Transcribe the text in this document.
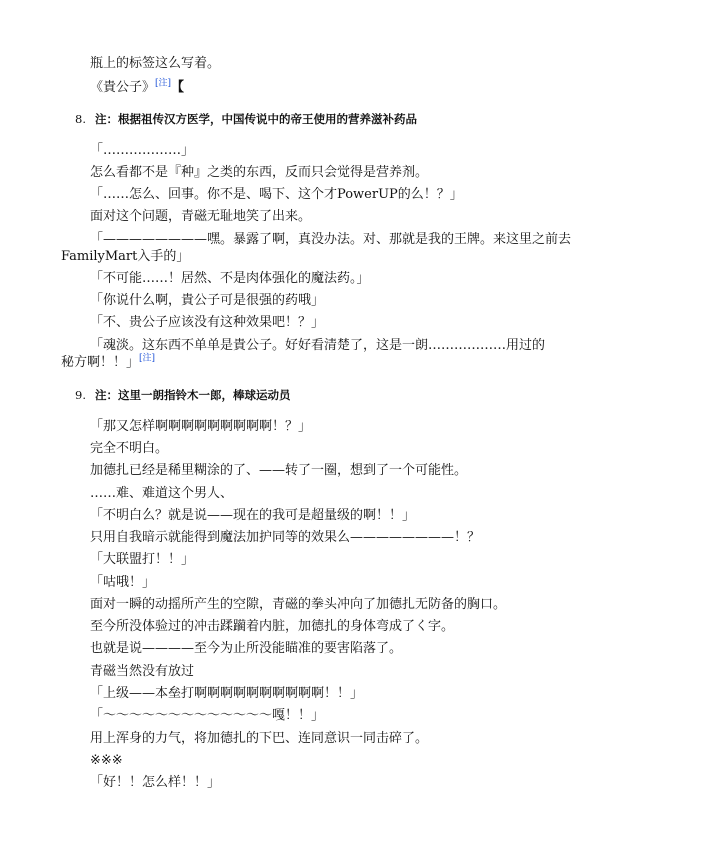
瓶上的标签这么写着。
《貴公子》[注]【
8. 注：根据祖传汉方医学，中国传说中的帝王使用的营养滋补药品
「………………」
怎么看都不是『种』之类的东西，反而只会觉得是营养剂。
「……怎么、回事。你不是、喝下、这个才PowerUP的么！？」
面对这个问题，青磁无耻地笑了出来。
「————————嘿。暴露了啊，真没办法。对、那就是我的王牌。来这里之前去
FamilyMart入手的」
「不可能……！居然、不是肉体强化的魔法药。」
「你说什么啊，貴公子可是很强的药哦」
「不、贵公子应该没有这种效果吧！？」
「魂淡。这东西不单单是貴公子。好好看清楚了，这是一朗………………用过的
秘方啊！！」[注]
9. 注：这里一朗指铃木一郎，棒球运动员
「那又怎样啊啊啊啊啊啊啊啊啊！？」
完全不明白。
加德扎已经是稀里糊涂的了、——转了一圈，想到了一个可能性。
……难、难道这个男人、
「不明白么？就是说——现在的我可是超量级的啊！！」
只用自我暗示就能得到魔法加护同等的效果么————————！？
「大联盟打！！」
「咕哦！」
面对一瞬的动摇所产生的空隙，青磁的拳头冲向了加德扎无防备的胸口。
至今所没体验过的冲击蹂躏着内脏，加德扎的身体弯成了く字。
也就是说————至今为止所没能瞄准的要害陷落了。
青磁当然没有放过
「上级——本垒打啊啊啊啊啊啊啊啊啊啊！！」
「～～～～～～～～～～～～～嘎！！」
用上浑身的力气，将加德扎的下巴、连同意识一同击碎了。
※※※
「好！！怎么样！！」
